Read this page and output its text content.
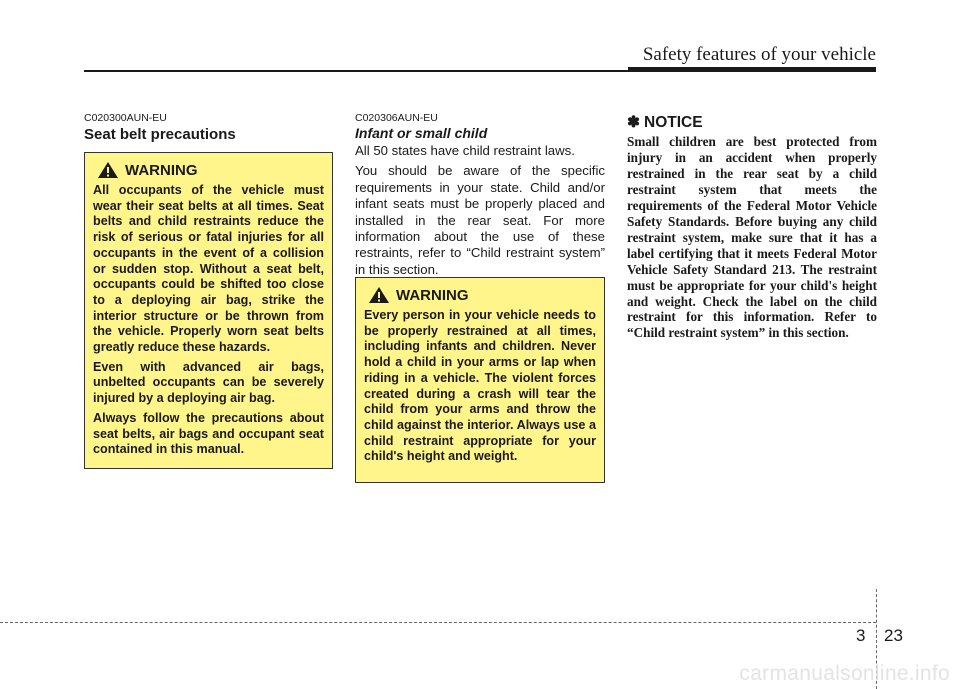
Safety features of your vehicle
C020300AUN-EU
Seat belt precautions
WARNING

All occupants of the vehicle must wear their seat belts at all times. Seat belts and child restraints reduce the risk of serious or fatal injuries for all occupants in the event of a collision or sudden stop. Without a seat belt, occupants could be shifted too close to a deploying air bag, strike the interior structure or be thrown from the vehicle. Properly worn seat belts greatly reduce these hazards.

Even with advanced air bags, unbelted occupants can be severely injured by a deploying air bag.

Always follow the precautions about seat belts, air bags and occupant seat contained in this manual.

C020306AUN-EU
Infant or small child

All 50 states have child restraint laws.

You should be aware of the specific requirements in your state. Child and/or infant seats must be properly placed and installed in the rear seat. For more information about the use of these restraints, refer to “Child restraint system” in this section.

WARNING

Every person in your vehicle needs to be properly restrained at all times, including infants and children. Never hold a child in your arms or lap when riding in a vehicle. The violent forces created during a crash will tear the child from your arms and throw the child against the interior. Always use a child restraint appropriate for your child's height and weight.

✽ NOTICE
Small children are best protected from injury in an accident when properly restrained in the rear seat by a child restraint system that meets the requirements of the Federal Motor Vehicle Safety Standards. Before buying any child restraint system, make sure that it has a label certifying that it meets Federal Motor Vehicle Safety Standard 213. The restraint must be appropriate for your child's height and weight. Check the label on the child restraint for this information. Refer to “Child restraint system” in this section.
3 23
carmanualsonline.info
